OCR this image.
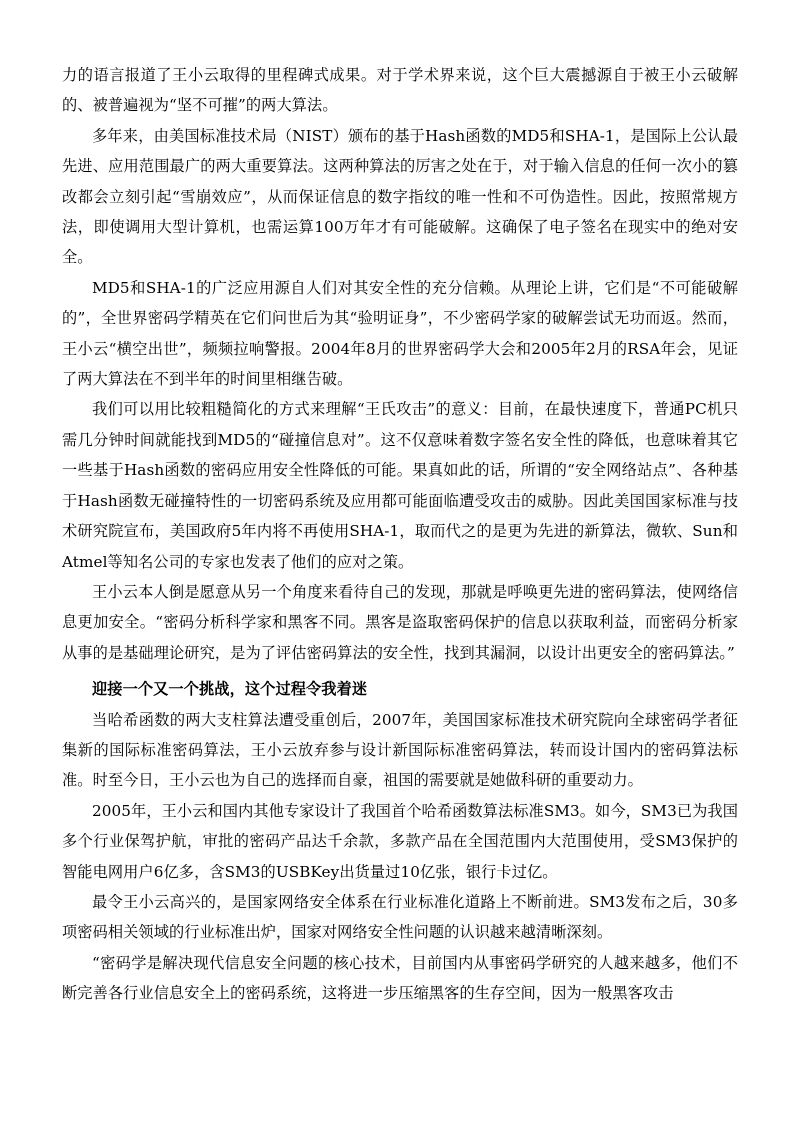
力的语言报道了王小云取得的里程碑式成果。对于学术界来说，这个巨大震撼源自于被王小云破解的、被普遍视为“坚不可摧”的两大算法。

多年来，由美国标准技术局（NIST）颁布的基于Hash函数的MD5和SHA-1，是国际上公认最先进、应用范围最广的两大重要算法。这两种算法的厉害之处在于，对于输入信息的任何一次小的篡改都会立刻引起“雪崩效应”，从而保证信息的数字指纹的唯一性和不可伪造性。因此，按照常规方法，即使调用大型计算机，也需运算100万年才有可能破解。这确保了电子签名在现实中的绝对安全。

MD5和SHA-1的广泛应用源自人们对其安全性的充分信赖。从理论上讲，它们是“不可能破解的”，全世界密码学精英在它们问世后为其“验明证身”，不少密码学家的破解尝试无功而返。然而，王小云“横空出世”，频频拉响警报。2004年8月的世界密码学大会和2005年2月的RSA年会，见证了两大算法在不到半年的时间里相继告破。

我们可以用比较粗糙简化的方式来理解“王氏攻击”的意义：目前，在最快速度下，普通PC机只需几分钟时间就能找到MD5的“碰撞信息对”。这不仅意味着数字签名安全性的降低，也意味着其它一些基于Hash函数的密码应用安全性降低的可能。果真如此的话，所谓的“安全网络站点”、各种基于Hash函数无碰撞特性的一切密码系统及应用都可能面临遭受攻击的威胁。因此美国国家标准与技术研究院宣布，美国政府5年内将不再使用SHA-1，取而代之的是更为先进的新算法，微软、Sun和Atmel等知名公司的专家也发表了他们的应对之策。

王小云本人倒是愿意从另一个角度来看待自己的发现，那就是呼唤更先进的密码算法，使网络信息更加安全。“密码分析科学家和黑客不同。黑客是盗取密码保护的信息以获取利益，而密码分析家从事的是基础理论研究，是为了评估密码算法的安全性，找到其漏洞，以设计出更安全的密码算法。”

迎接一个又一个挑战，这个过程令我着迷

当哈希函数的两大支柱算法遭受重创后，2007年，美国国家标准技术研究院向全球密码学者征集新的国际标准密码算法，王小云放弃参与设计新国际标准密码算法，转而设计国内的密码算法标准。时至今日，王小云也为自己的选择而自豪，祖国的需要就是她做科研的重要动力。

2005年，王小云和国内其他专家设计了我国首个哈希函数算法标准SM3。如今，SM3已为我国多个行业保驾护航，审批的密码产品达千余款，多款产品在全国范围内大范围使用，受SM3保护的智能电网用户6亿多，含SM3的USBKey出货量过10亿张，银行卡过亿。

最令王小云高兴的，是国家网络安全体系在行业标准化道路上不断前进。SM3发布之后，30多项密码相关领域的行业标准出炉，国家对网络安全性问题的认识越来越清晰深刻。

“密码学是解决现代信息安全问题的核心技术，目前国内从事密码学研究的人越来越多，他们不断完善各行业信息安全上的密码系统，这将进一步压缩黑客的生存空间，因为一般黑客攻击
